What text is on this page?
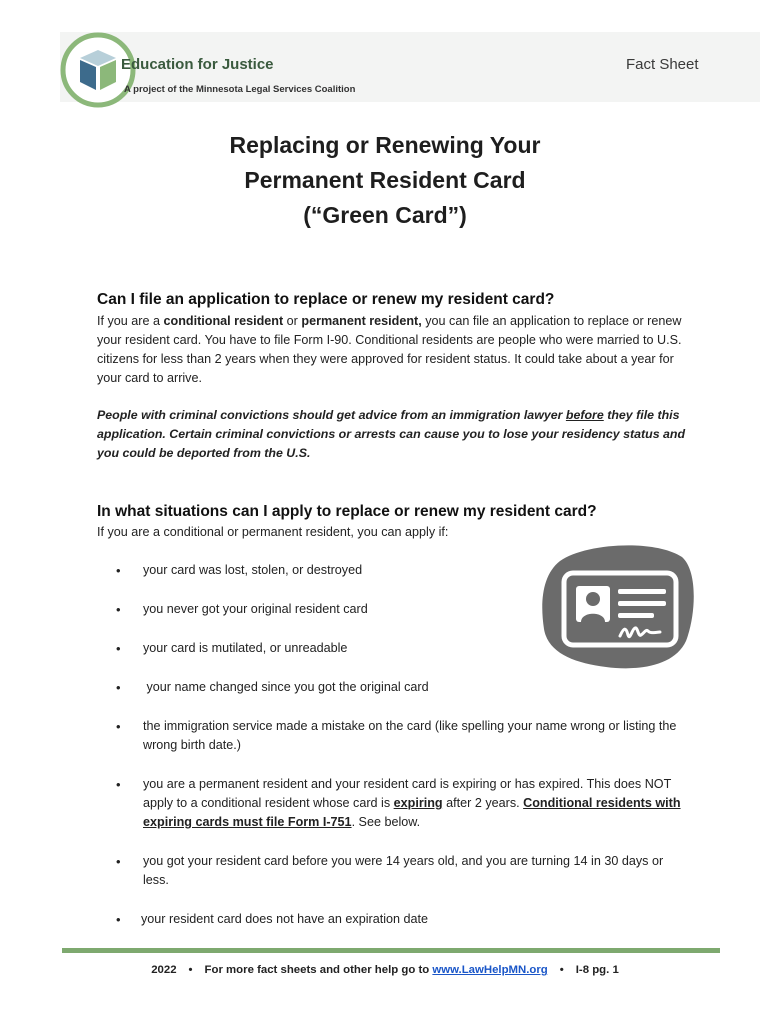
Education for Justice
A project of the Minnesota Legal Services Coalition
Fact Sheet
Replacing or Renewing Your
Permanent Resident Card
(“Green Card”)
Can I file an application to replace or renew my resident card?
If you are a conditional resident or permanent resident, you can file an application to replace or renew your resident card. You have to file Form I-90. Conditional residents are people who were married to U.S. citizens for less than 2 years when they were approved for resident status. It could take about a year for your card to arrive.
People with criminal convictions should get advice from an immigration lawyer before they file this application. Certain criminal convictions or arrests can cause you to lose your residency status and you could be deported from the U.S.
In what situations can I apply to replace or renew my resident card?
If you are a conditional or permanent resident, you can apply if:
• your card was lost, stolen, or destroyed
• you never got your original resident card
• your card is mutilated, or unreadable
• your name changed since you got the original card
• the immigration service made a mistake on the card (like spelling your name wrong or listing the wrong birth date.)
• you are a permanent resident and your resident card is expiring or has expired. This does NOT apply to a conditional resident whose card is expiring after 2 years. Conditional residents with expiring cards must file Form I-751. See below.
• you got your resident card before you were 14 years old, and you are turning 14 in 30 days or less.
• your resident card does not have an expiration date
2022 • For more fact sheets and other help go to www.LawHelpMN.org • I-8 pg. 1
